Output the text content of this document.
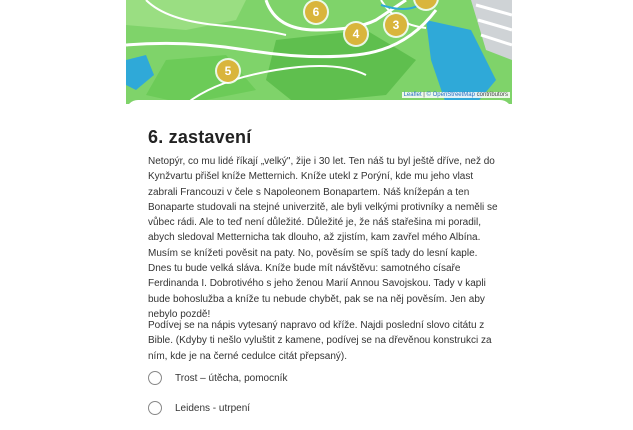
6
3
4
5
Leaflet | © OpenStreetMap contributors
6. zastavení

Netopýr, co mu lidé říkají „velký", žije i 30 let. Ten náš tu byl ještě dříve, než do Kynžvartu přišel kníže Metternich. Kníže utekl z Porýní, kde mu jeho vlast zabrali Francouzi v čele s Napoleonem Bonapartem. Náš knížepán a ten Bonaparte studovali na stejné univerzitě, ale byli velkými protivníky a neměli se vůbec rádi. Ale to teď není důležité. Důležité je, že náš stařešina mi poradil, abych sledoval Metternicha tak dlouho, až zjistím, kam zavřel mého Albína. Musím se knížeti pověsit na paty. No, pověsím se spíš tady do lesní kaple. Dnes tu bude velká sláva. Kníže bude mít návštěvu: samotného císaře Ferdinanda I. Dobrotivého s jeho ženou Marií Annou Savojskou. Tady v kapli bude bohoslužba a kníže tu nebude chybět, pak se na něj pověsím. Jen aby nebylo pozdě!

Podívej se na nápis vytesaný napravo od kříže. Najdi poslední slovo citátu z Bible. (Kdyby ti nešlo vyluštit z kamene, podívej se na dřevěnou konstrukci za ním, kde je na černé cedulce citát přepsaný).

Trost – útěcha, pomocník
Leidens - utrpení
